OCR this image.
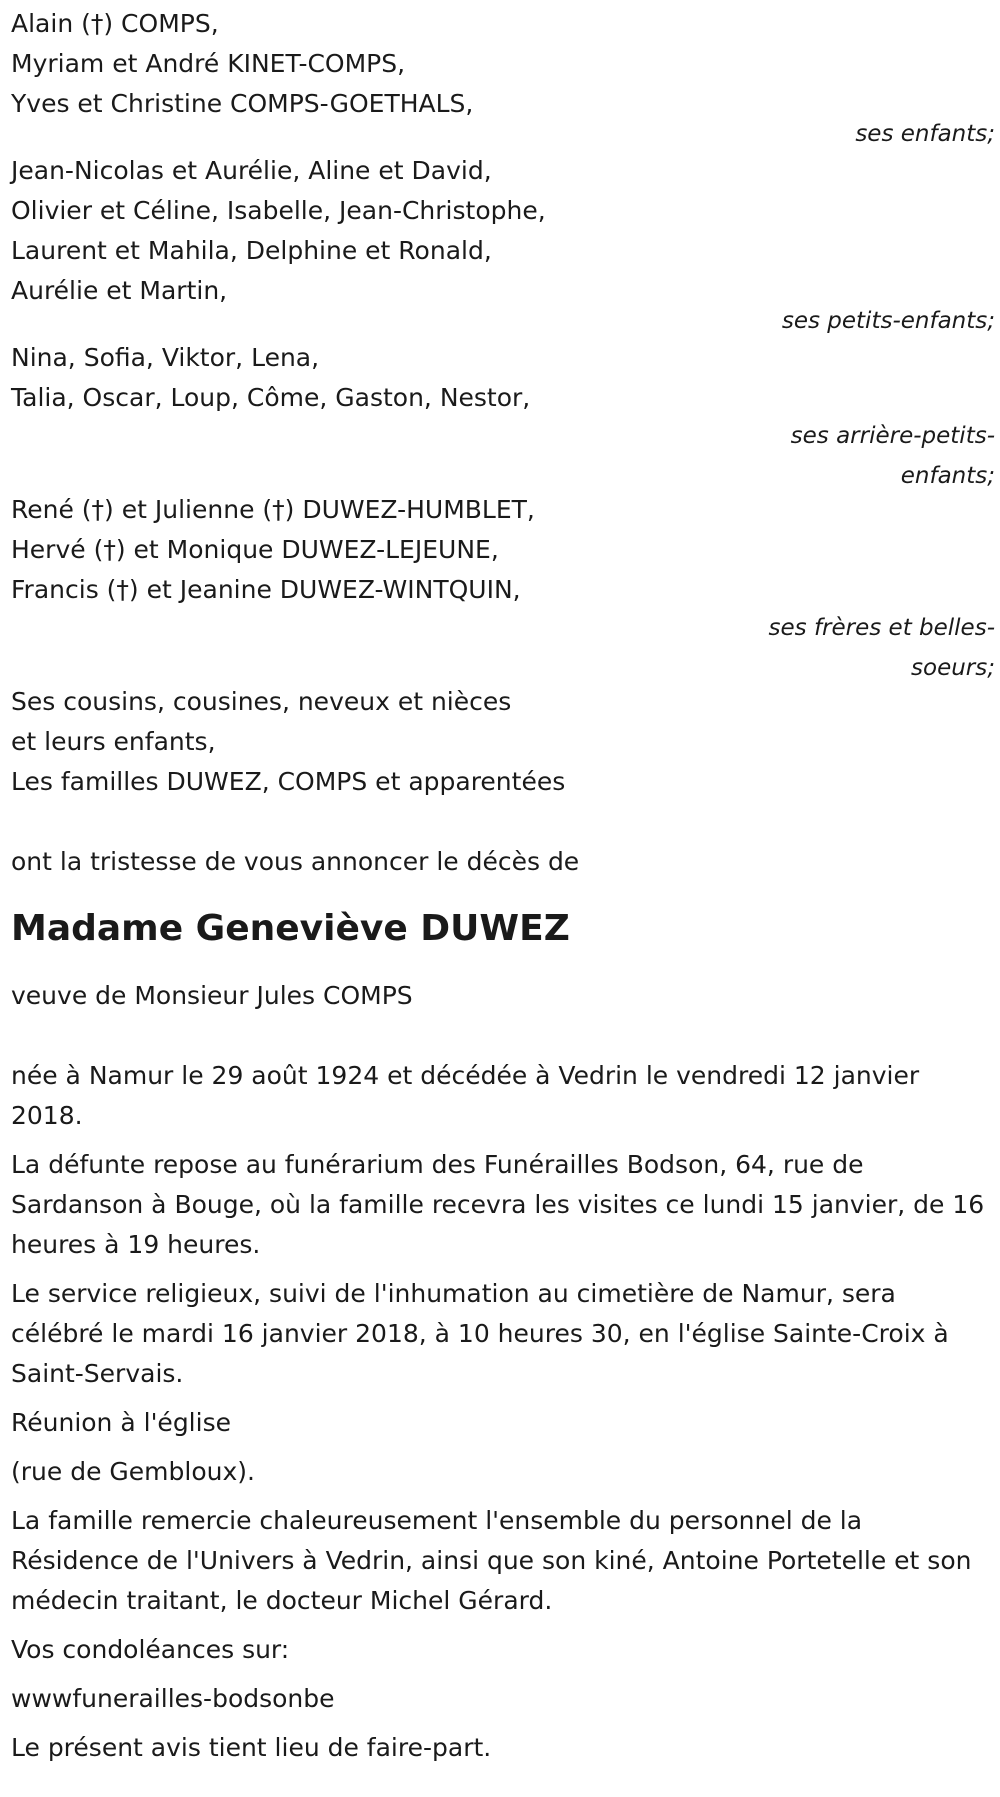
Alain (†) COMPS,
Myriam et André KINET-COMPS,
Yves et Christine COMPS-GOETHALS,
ses enfants;
Jean-Nicolas et Aurélie, Aline et David,
Olivier et Céline, Isabelle, Jean-Christophe,
Laurent et Mahila, Delphine et Ronald,
Aurélie et Martin,
ses petits-enfants;
Nina, Sofia, Viktor, Lena,
Talia, Oscar, Loup, Côme, Gaston, Nestor,
ses arrière-petits-
enfants;
René (†) et Julienne (†) DUWEZ-HUMBLET,
Hervé (†) et Monique DUWEZ-LEJEUNE,
Francis (†) et Jeanine DUWEZ-WINTQUIN,
ses frères et belles-
soeurs;
Ses cousins, cousines, neveux et nièces
et leurs enfants,
Les familles DUWEZ, COMPS et apparentées
ont la tristesse de vous annoncer le décès de
Madame Geneviève DUWEZ
veuve de Monsieur Jules COMPS
née à Namur le 29 août 1924 et décédée à Vedrin le vendredi 12 janvier 2018.
La défunte repose au funérarium des Funérailles Bodson, 64, rue de Sardanson à Bouge, où la famille recevra les visites ce lundi 15 janvier, de 16 heures à 19 heures.
Le service religieux, suivi de l'inhumation au cimetière de Namur, sera célébré le mardi 16 janvier 2018, à 10 heures 30, en l'église Sainte-Croix à Saint-Servais.
Réunion à l'église
(rue de Gembloux).
La famille remercie chaleureusement l'ensemble du personnel de la Résidence de l'Univers à Vedrin, ainsi que son kiné, Antoine Portetelle et son médecin traitant, le docteur Michel Gérard.
Vos condoléances sur:
wwwfunerailles-bodsonbe
Le présent avis tient lieu de faire-part.
